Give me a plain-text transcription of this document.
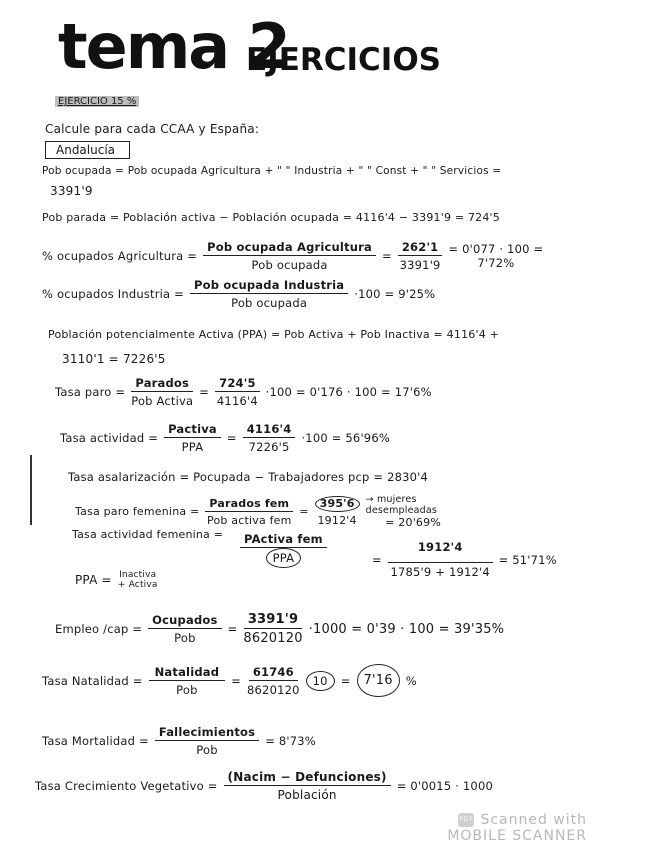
tema 2
EJERCICIOS
EJERCICIO 15 %
Calcule para cada CCAA y España:
Andalucía
Pob ocupada = Pob ocupada Agricultura + " " Industria + " " Const + " " Servicios =
3391'9
Pob parada = Población activa − Población ocupada = 4116'4 − 3391'9 = 724'5
% ocupados Agricultura = $\frac{\text{Pob ocupada Agricultura}}{\text{Pob ocupada}} = \frac{262'1}{3391'9} = 0'077 \cdot 100$ =
7'72%
% ocupados Industria = $\frac{\text{Pob ocupada Industria}}{\text{Pob ocupada}} \cdot 100 = 9'25\%$
Población potencialmente Activa (PPA) = Pob Activa + Pob Inactiva = 4116'4 +
3110'1 = 7226'5
Tasa paro = $\frac{\text{Parados}}{\text{Pob Activa}} = \frac{724'5}{4116'4} \cdot 100 = 0'176 \cdot 100 = 17'6\%$
Tasa actividad = $\frac{\text{Pactiva}}{\text{PPA}} = \frac{4116'4}{7226'5} \cdot 100 = 56'96\%$
Tasa asalarización = Pocupada − Trabajadores pcp = 2830'4
Tasa paro femenina = $\frac{\text{Parados fem}}{\text{Pob activa fem}} = \frac{395'6}{1912'4}$ → mujeres desempleadas
= 20'69%
Tasa actividad femenina =	PActiva fem
PPA	= $\frac{1912'4}{1785'9 + 1912'4} = 51'71\%$
PPA = Inactiva
+ Activa
Empleo $/cap = \frac{\text{Ocupados}}{\text{Pob}} = \frac{3391'9}{8620120} \cdot 1000 = 0'39 \cdot 100 = 39'35\%$
Tasa Natalidad = $\frac{\text{Natalidad}}{\text{Pob}} = \frac{61746}{8620120}$	10	=	7'16	%
Tasa Mortalidad = $\frac{\text{Fallecimientos}}{\text{Pob}} = 8'73\%$
Tasa Crecimiento Vegetativo = $\frac{\text{(Nacim − Defunciones)}}{\text{Población}} = 0'0015 \cdot 1000$
PDF Scanned with
MOBILE SCANNER
